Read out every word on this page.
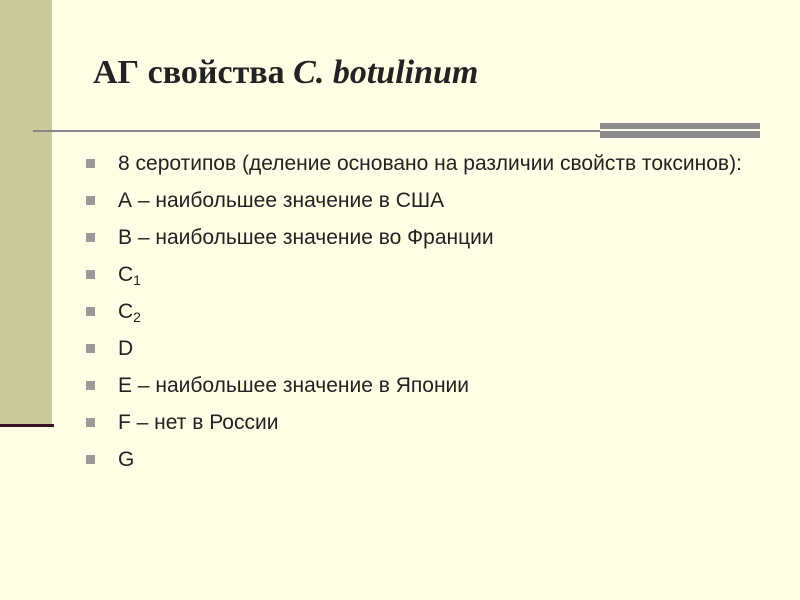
АГ свойства C. botulinum
8 серотипов (деление основано на различии свойств токсинов):
А – наибольшее значение в США
В – наибольшее значение во Франции
$С_1$
$С_2$
D
E – наибольшее значение в Японии
F – нет в России
G
